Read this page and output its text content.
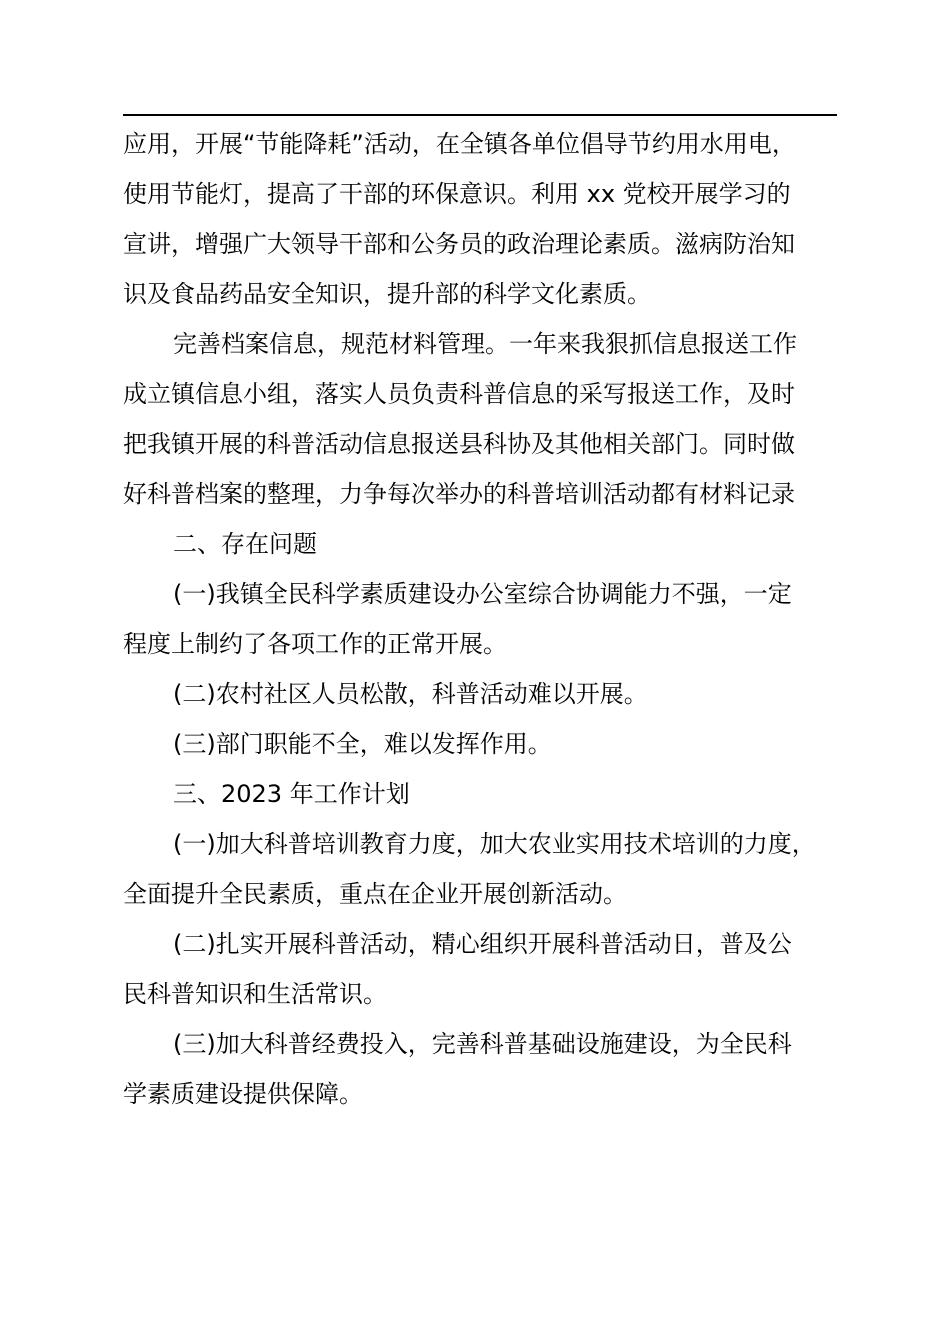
应用，开展“节能降耗”活动，在全镇各单位倡导节约用水用电，
使用节能灯，提高了干部的环保意识。利用 xx 党校开展学习的
宣讲，增强广大领导干部和公务员的政治理论素质。滋病防治知
识及食品药品安全知识，提升部的科学文化素质。

完善档案信息，规范材料管理。一年来我狠抓信息报送工作
成立镇信息小组，落实人员负责科普信息的采写报送工作，及时
把我镇开展的科普活动信息报送县科协及其他相关部门。同时做
好科普档案的整理，力争每次举办的科普培训活动都有材料记录

二、存在问题

(一)我镇全民科学素质建设办公室综合协调能力不强，一定
程度上制约了各项工作的正常开展。

(二)农村社区人员松散，科普活动难以开展。

(三)部门职能不全，难以发挥作用。

三、2023 年工作计划

(一)加大科普培训教育力度，加大农业实用技术培训的力度，
全面提升全民素质，重点在企业开展创新活动。

(二)扎实开展科普活动，精心组织开展科普活动日，普及公
民科普知识和生活常识。

(三)加大科普经费投入，完善科普基础设施建设，为全民科
学素质建设提供保障。
